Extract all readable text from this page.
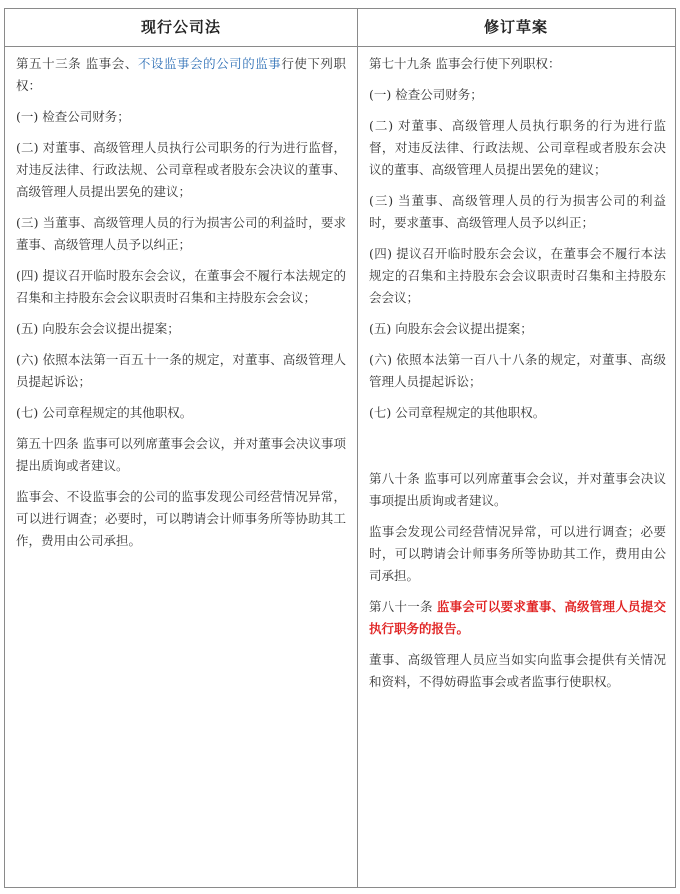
现行公司法	修订草案

第五十三条 监事会、不设监事会的公司的监事行使下列职权：

(一) 检查公司财务；

(二) 对董事、高级管理人员执行公司职务的行为进行监督，对违反法律、行政法规、公司章程或者股东会决议的董事、高级管理人员提出罢免的建议；

(三) 当董事、高级管理人员的行为损害公司的利益时，要求董事、高级管理人员予以纠正；

(四) 提议召开临时股东会会议，在董事会不履行本法规定的召集和主持股东会会议职责时召集和主持股东会会议；

(五) 向股东会会议提出提案；

(六) 依照本法第一百五十一条的规定，对董事、高级管理人员提起诉讼；

(七) 公司章程规定的其他职权。

第五十四条 监事可以列席董事会会议，并对董事会决议事项提出质询或者建议。

监事会、不设监事会的公司的监事发现公司经营情况异常，可以进行调查；必要时，可以聘请会计师事务所等协助其工作，费用由公司承担。

第七十九条 监事会行使下列职权：

(一) 检查公司财务；

(二) 对董事、高级管理人员执行职务的行为进行监督，对违反法律、行政法规、公司章程或者股东会决议的董事、高级管理人员提出罢免的建议；

(三) 当董事、高级管理人员的行为损害公司的利益时，要求董事、高级管理人员予以纠正；

(四) 提议召开临时股东会会议，在董事会不履行本法规定的召集和主持股东会会议职责时召集和主持股东会会议；

(五) 向股东会会议提出提案；

(六) 依照本法第一百八十八条的规定，对董事、高级管理人员提起诉讼；

(七) 公司章程规定的其他职权。

第八十条 监事可以列席董事会会议，并对董事会决议事项提出质询或者建议。

监事会发现公司经营情况异常，可以进行调查；必要时，可以聘请会计师事务所等协助其工作，费用由公司承担。

第八十一条 监事会可以要求董事、高级管理人员提交执行职务的报告。

董事、高级管理人员应当如实向监事会提供有关情况和资料，不得妨碍监事会或者监事行使职权。
